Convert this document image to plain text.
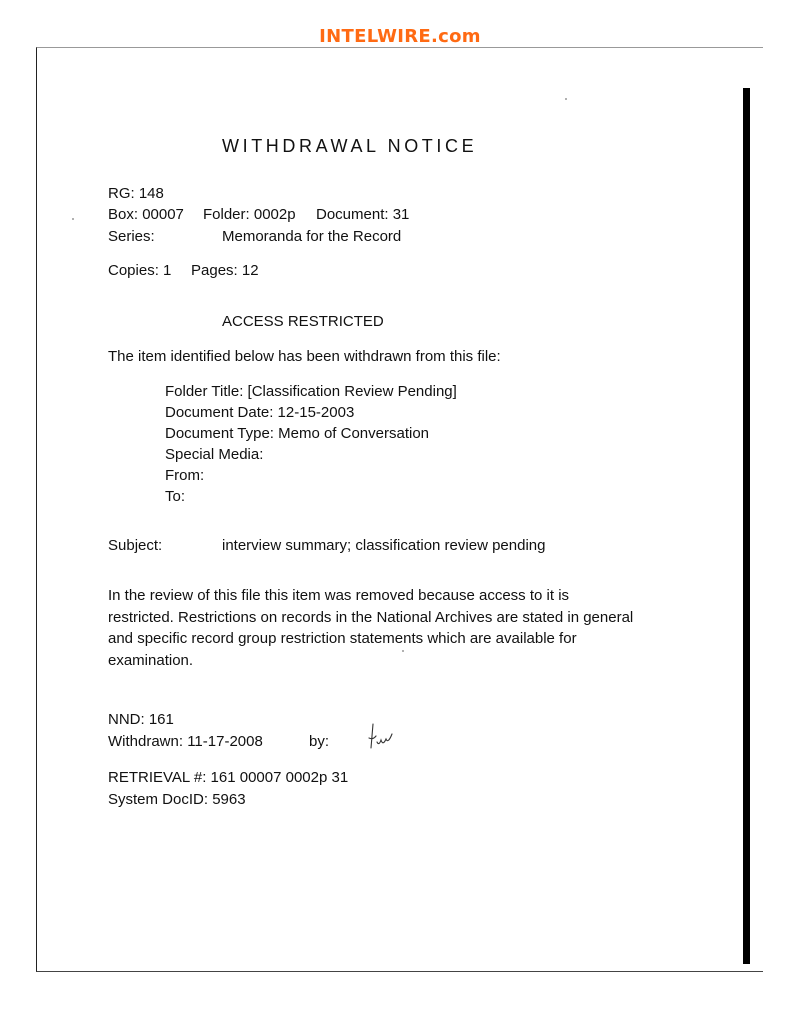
INTELWIRE.com
WITHDRAWAL NOTICE
RG: 148
Box: 00007 Folder: 0002p Document: 31
Series:	Memoranda for the Record
Copies: 1 Pages: 12
ACCESS RESTRICTED
The item identified below has been withdrawn from this file:
Folder Title: [Classification Review Pending]
Document Date: 12-15-2003
Document Type: Memo of Conversation
Special Media:
From:
To:
Subject:	interview summary; classification review pending
In the review of this file this item was removed because access to it is restricted. Restrictions on records in the National Archives are stated in general and specific record group restriction statements which are available for examination.
NND: 161
Withdrawn: 11-17-2008	by:
RETRIEVAL #: 161 00007 0002p 31
System DocID: 5963
